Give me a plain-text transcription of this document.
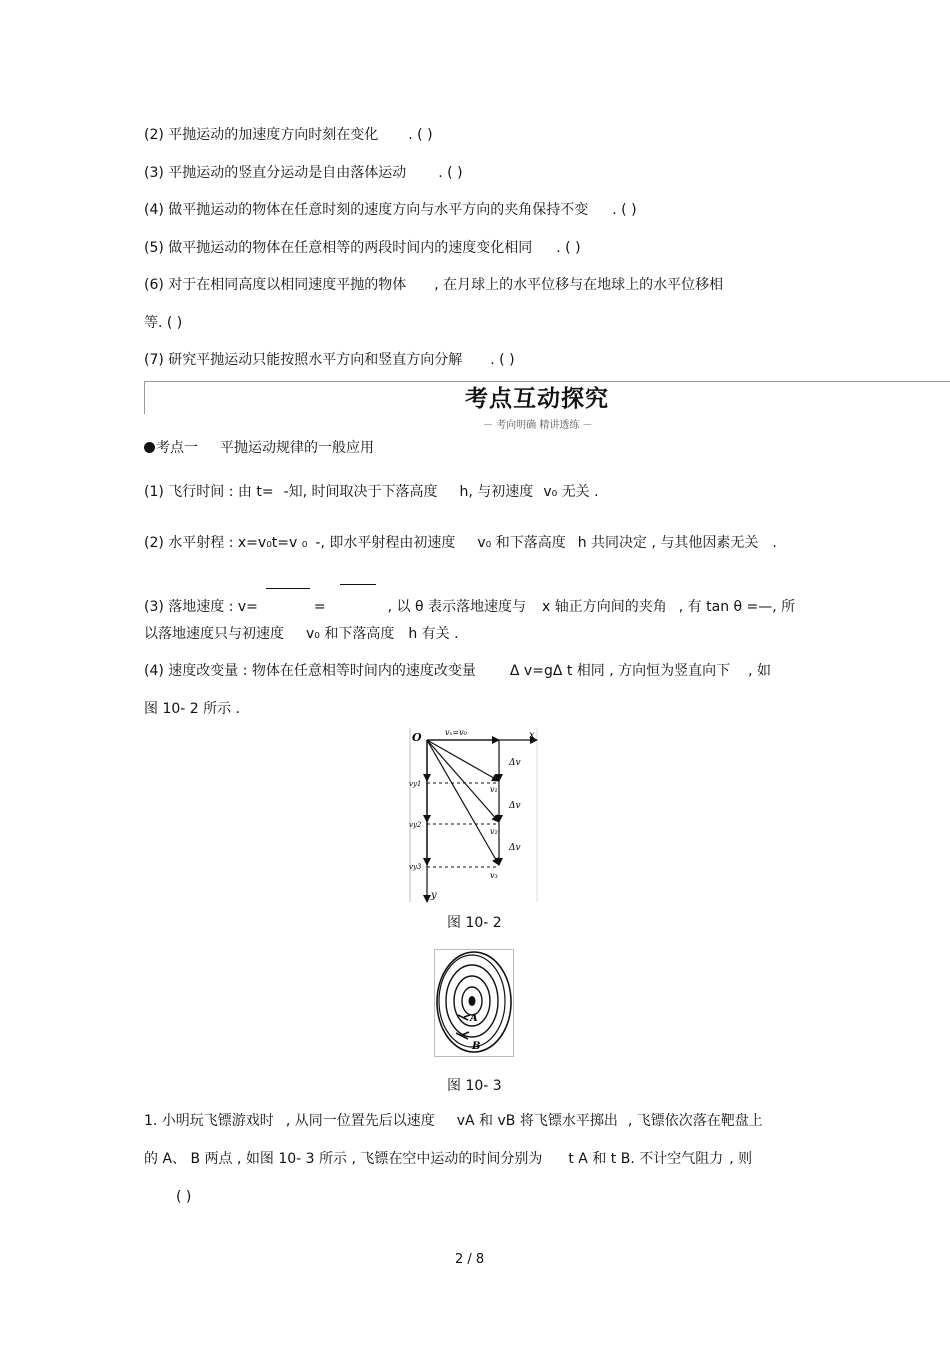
(2) 平抛运动的加速度方向时刻在变化 . ( )
(3) 平抛运动的竖直分运动是自由落体运动 . ( )
(4) 做平抛运动的物体在任意时刻的速度方向与水平方向的夹角保持不变 . ( )
(5) 做平抛运动的物体在任意相等的两段时间内的速度变化相同 . ( )
(6) 对于在相同高度以相同速度平抛的物体 , 在月球上的水平位移与在地球上的水平位移相
等. ( )
(7) 研究平抛运动只能按照水平方向和竖直方向分解 . ( )
考点互动探究
－ 考向明确 精讲透练 －
考点一 平抛运动规律的一般应用
(1) 飞行时间 : 由 t= -知, 时间取决于下落高度 h, 与初速度 v₀ 无关 .
(2) 水平射程 : x=v₀t=v ₀ -, 即水平射程由初速度 v₀ 和下落高度 h 共同决定 , 与其他因素无关 .
(3) 落地速度 : v=	=	, 以 θ 表示落地速度与 x 轴正方向间的夹角 , 有 tan θ =—, 所
以落地速度只与初速度 v₀ 和下落高度 h 有关 .
(4) 速度改变量 : 物体在任意相等时间内的速度改变量 Δ v=gΔ t 相同 , 方向恒为竖直向下 , 如
图 10- 2 所示 .
O	vₓ=v₀	x
y
Δv
Δv
Δv
v₁
v₂
v₃
vy1
vy2
vy3
图 10- 2
A
B
图 10- 3
1. 小明玩飞镖游戏时 , 从同一位置先后以速度 vA 和 vB 将飞镖水平掷出 , 飞镖依次落在靶盘上
的 A、 B 两点 , 如图 10- 3 所示 , 飞镖在空中运动的时间分别为 t A 和 t B. 不计空气阻力 , 则
( )
2 / 8
